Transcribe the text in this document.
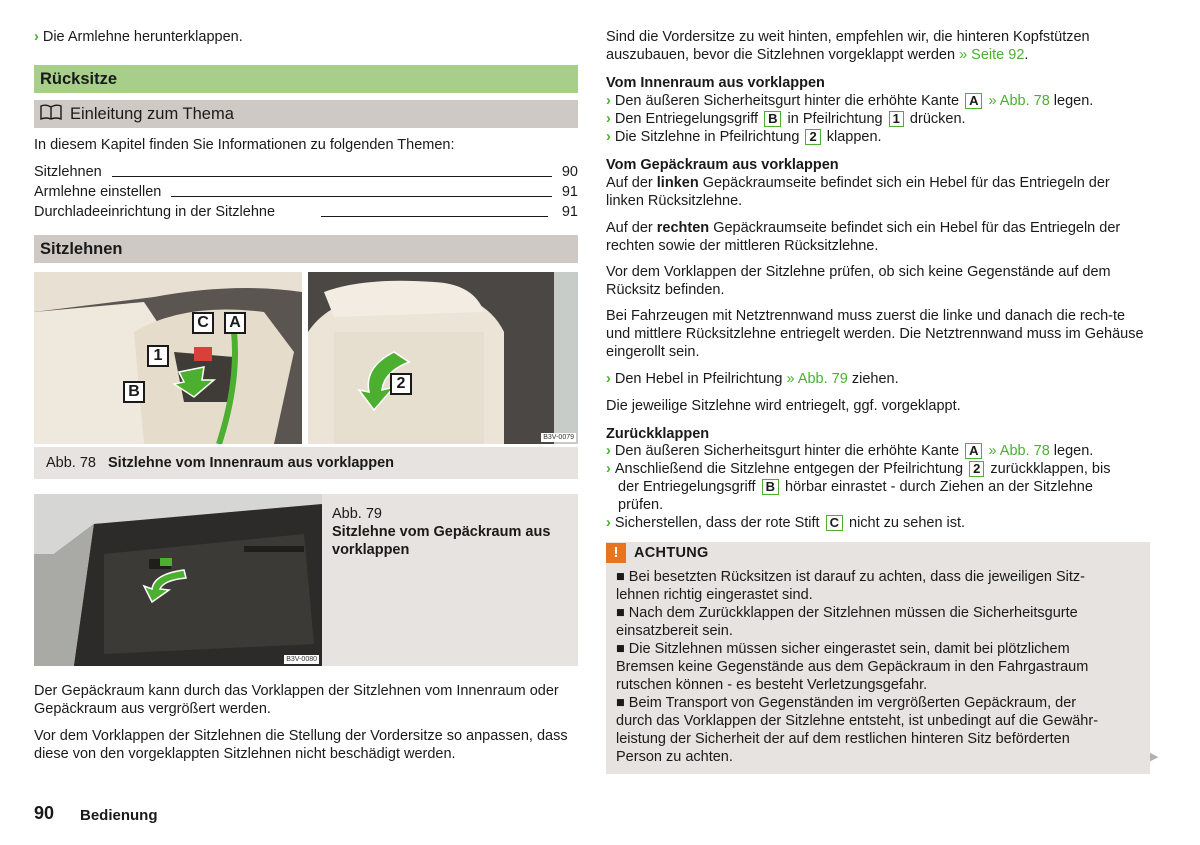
› Die Armlehne herunterklappen.
Rücksitze
Einleitung zum Thema
In diesem Kapitel finden Sie Informationen zu folgenden Themen:
Sitzlehnen	90
Armlehne einstellen	91
Durchladeeinrichtung in der Sitzlehne	91
Sitzlehnen
C	A
1
B	2
B3V-0079
Abb. 78 Sitzlehne vom Innenraum aus vorklappen
B3V-0080
Abb. 79
Sitzlehne vom Gepäckraum aus vorklappen

Der Gepäckraum kann durch das Vorklappen der Sitzlehnen vom Innenraum oder Gepäckraum aus vergrößert werden.

Vor dem Vorklappen der Sitzlehnen die Stellung der Vordersitze so anpassen, dass diese von den vorgeklappten Sitzlehnen nicht beschädigt werden.

90 Bedienung

Sind die Vordersitze zu weit hinten, empfehlen wir, die hinteren Kopfstützen auszubauen, bevor die Sitzlehnen vorgeklappt werden » Seite 92.

Vom Innenraum aus vorklappen
› Den äußeren Sicherheitsgurt hinter die erhöhte Kante A » Abb. 78 legen.
› Den Entriegelungsgriff B in Pfeilrichtung 1 drücken.
› Die Sitzlehne in Pfeilrichtung 2 klappen.
Vom Gepäckraum aus vorklappen

Auf der linken Gepäckraumseite befindet sich ein Hebel für das Entriegeln der linken Rücksitzlehne.

Auf der rechten Gepäckraumseite befindet sich ein Hebel für das Entriegeln der rechten sowie der mittleren Rücksitzlehne.

Vor dem Vorklappen der Sitzlehne prüfen, ob sich keine Gegenstände auf dem Rücksitz befinden.

Bei Fahrzeugen mit Netztrennwand muss zuerst die linke und danach die rech-te und mittlere Rücksitzlehne entriegelt werden. Die Netztrennwand muss im Gehäuse eingerollt sein.

› Den Hebel in Pfeilrichtung » Abb. 79 ziehen.

Die jeweilige Sitzlehne wird entriegelt, ggf. vorgeklappt.

Zurückklappen
› Den äußeren Sicherheitsgurt hinter die erhöhte Kante A » Abb. 78 legen.
› Anschließend die Sitzlehne entgegen der Pfeilrichtung 2 zurückklappen, bis
der Entriegelungsgriff B hörbar einrastet - durch Ziehen an der Sitzlehne
prüfen.
› Sicherstellen, dass der rote Stift C nicht zu sehen ist.
!	ACHTUNG
■ Bei besetzten Rücksitzen ist darauf zu achten, dass die jeweiligen Sitz-
lehnen richtig eingerastet sind.
■ Nach dem Zurückklappen der Sitzlehnen müssen die Sicherheitsgurte
einsatzbereit sein.
■ Die Sitzlehnen müssen sicher eingerastet sein, damit bei plötzlichem
Bremsen keine Gegenstände aus dem Gepäckraum in den Fahrgastraum
rutschen können - es besteht Verletzungsgefahr.
■ Beim Transport von Gegenständen im vergrößerten Gepäckraum, der
durch das Vorklappen der Sitzlehne entsteht, ist unbedingt auf die Gewähr-
leistung der Sicherheit der auf dem restlichen hinteren Sitz beförderten
Person zu achten.	▶
